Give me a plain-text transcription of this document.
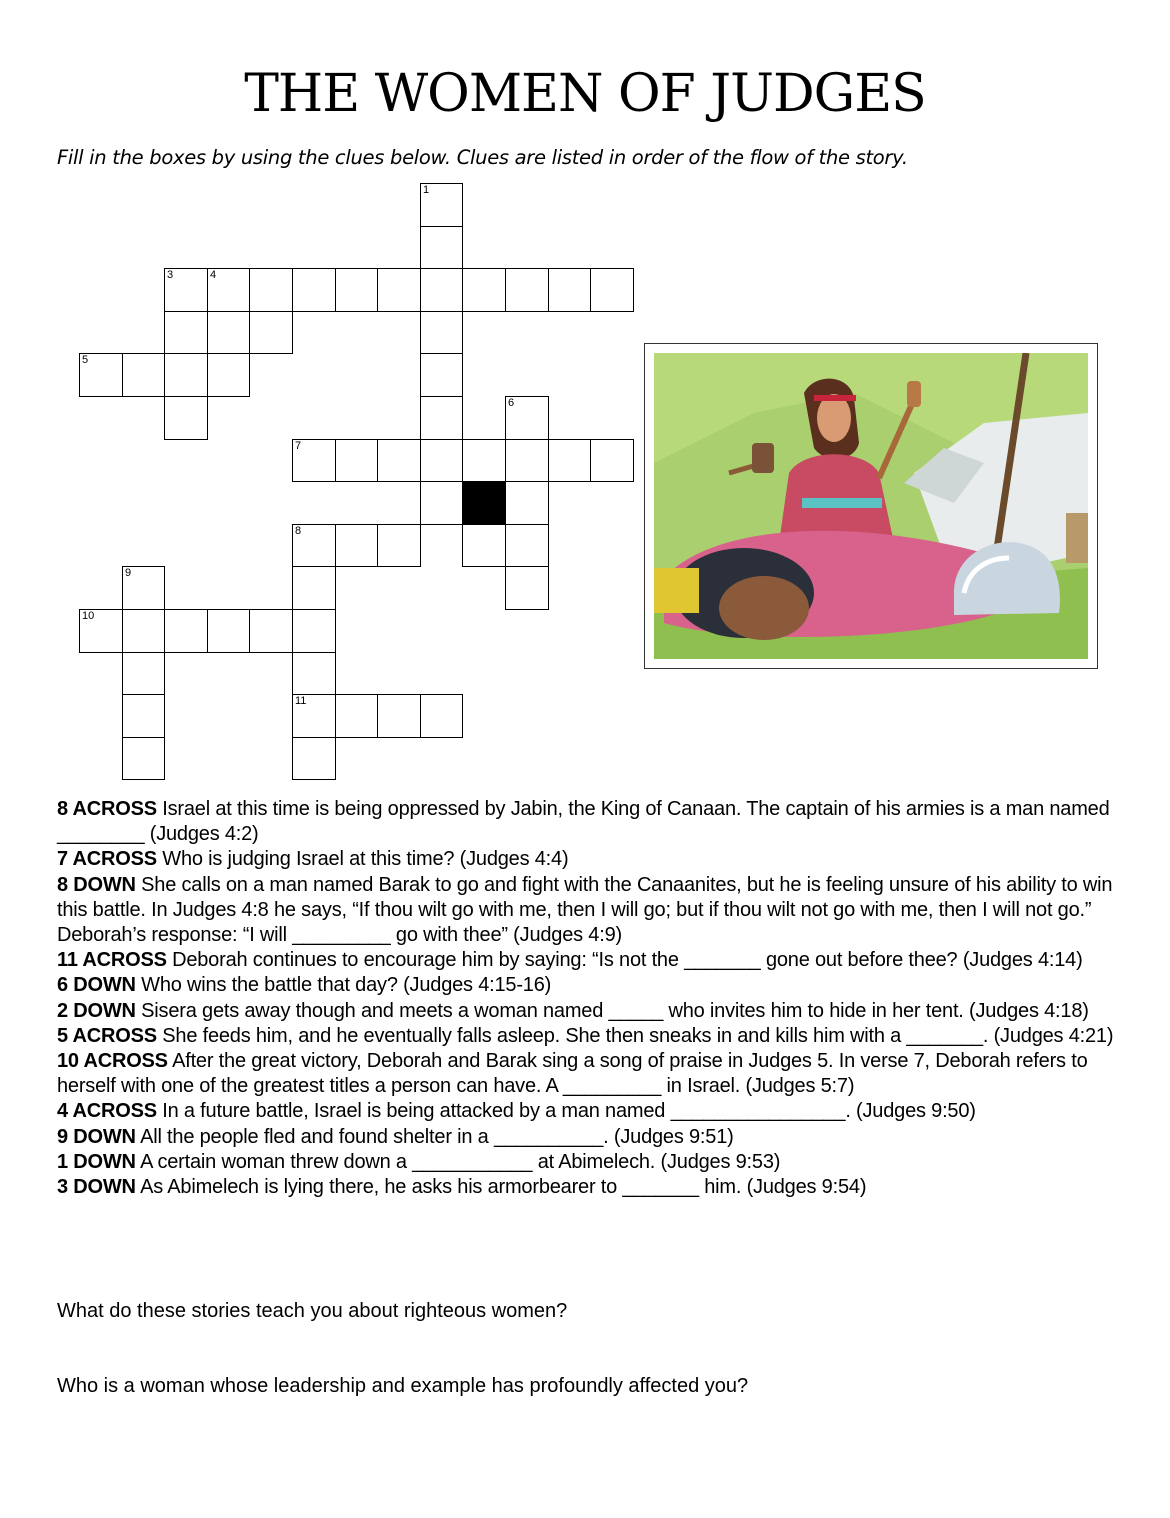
THE WOMEN OF JUDGES
Fill in the boxes by using the clues below. Clues are listed in order of the flow of the story.
1
3	4
5
6
7
8
9
10
11
8 ACROSS Israel at this time is being oppressed by Jabin, the King of Canaan. The captain of his armies is a man named ________ (Judges 4:2)
7 ACROSS Who is judging Israel at this time? (Judges 4:4)
8 DOWN She calls on a man named Barak to go and fight with the Canaanites, but he is feeling unsure of his ability to win this battle. In Judges 4:8 he says, “If thou wilt go with me, then I will go; but if thou wilt not go with me, then I will not go.” Deborah’s response: “I will _________ go with thee” (Judges 4:9)
11 ACROSS Deborah continues to encourage him by saying: “Is not the _______ gone out before thee? (Judges 4:14)
6 DOWN Who wins the battle that day? (Judges 4:15-16)
2 DOWN Sisera gets away though and meets a woman named _____ who invites him to hide in her tent. (Judges 4:18)
5 ACROSS She feeds him, and he eventually falls asleep. She then sneaks in and kills him with a _______. (Judges 4:21)
10 ACROSS After the great victory, Deborah and Barak sing a song of praise in Judges 5. In verse 7, Deborah refers to herself with one of the greatest titles a person can have. A _________ in Israel. (Judges 5:7)
4 ACROSS In a future battle, Israel is being attacked by a man named ________________. (Judges 9:50)
9 DOWN All the people fled and found shelter in a __________. (Judges 9:51)
1 DOWN A certain woman threw down a ___________ at Abimelech. (Judges 9:53)
3 DOWN As Abimelech is lying there, he asks his armorbearer to _______ him. (Judges 9:54)
What do these stories teach you about righteous women?
Who is a woman whose leadership and example has profoundly affected you?
